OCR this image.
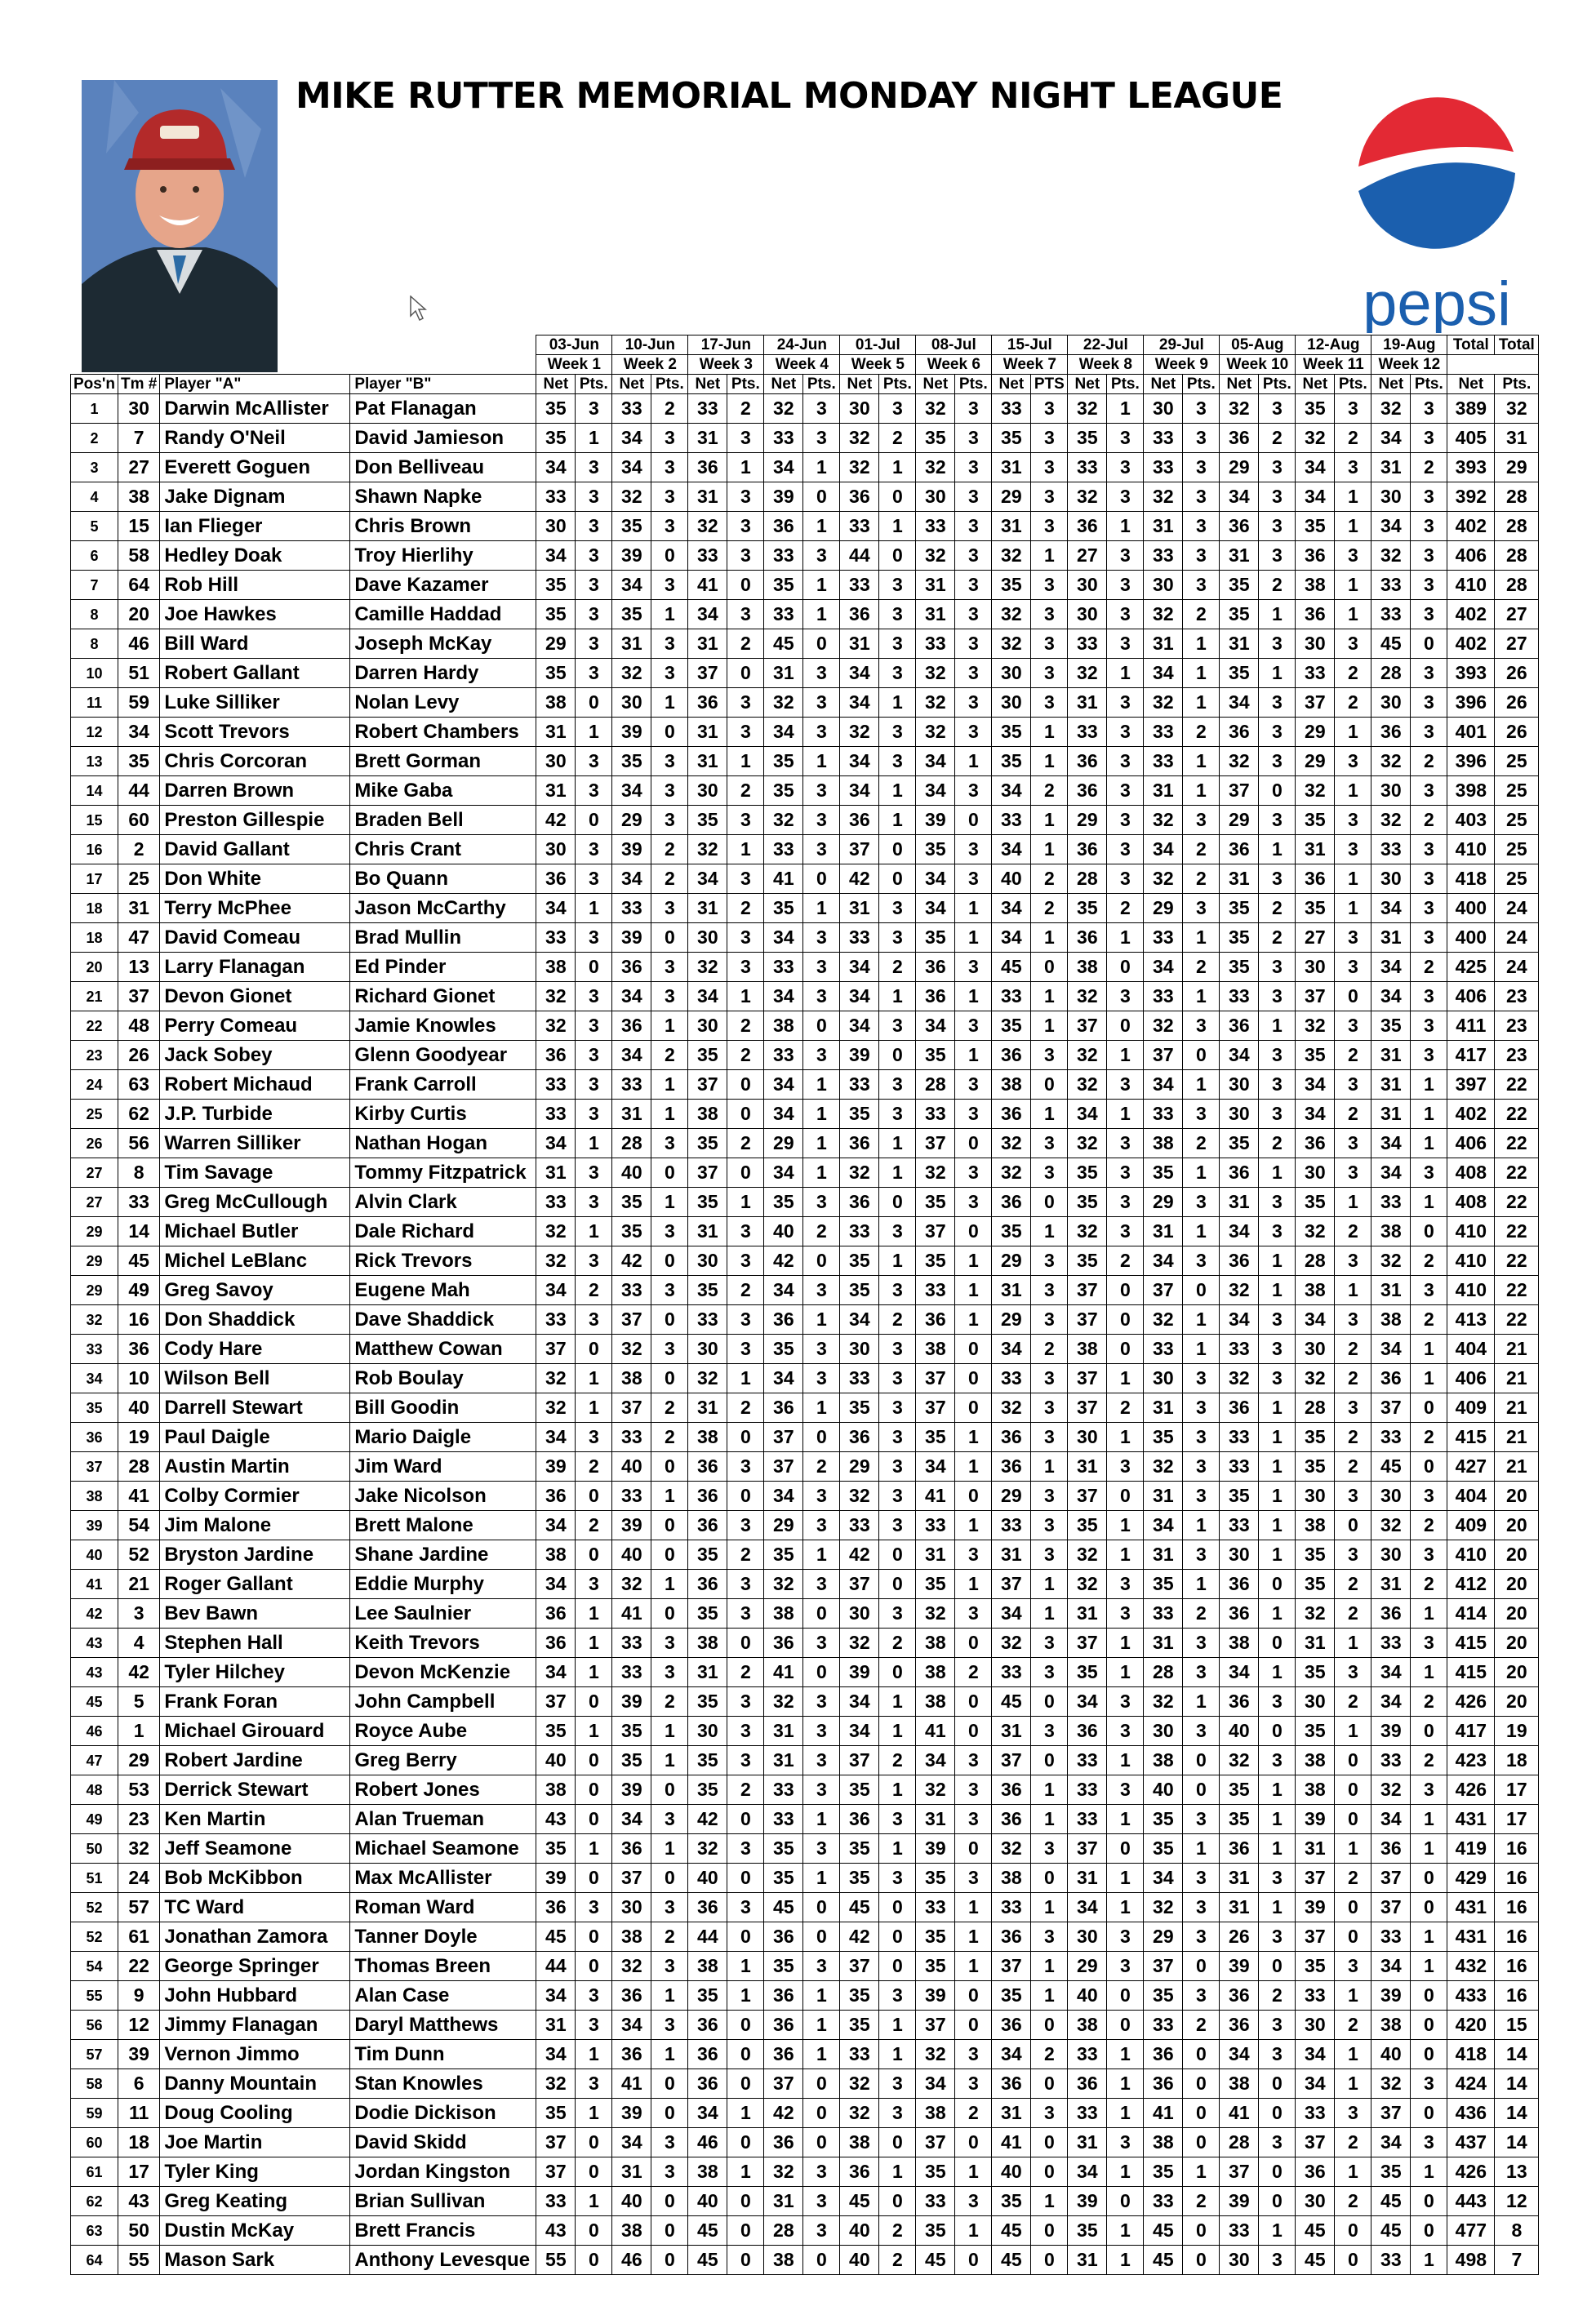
MIKE RUTTER MEMORIAL MONDAY NIGHT LEAGUE
pepsi
				03-Jun		10-Jun		17-Jun		24-Jun		01-Jul		08-Jul		15-Jul		22-Jul		29-Jul		05-Aug		12-Aug		19-Aug		Total	Total
				Week 1		Week 2		Week 3		Week 4		Week 5		Week 6		Week 7		Week 8		Week 9		Week 10		Week 11		Week 12			
Pos'n	Tm #	Player "A"	Player "B"	Net	Pts.	Net	Pts.	Net	Pts.	Net	Pts.	Net	Pts.	Net	Pts.	Net	PTS	Net	Pts.	Net	Pts.	Net	Pts.	Net	Pts.	Net	Pts.	Net	Pts.
1	30	Darwin McAllister	Pat Flanagan	35	3	33	2	33	2	32	3	30	3	32	3	33	3	32	1	30	3	32	3	35	3	32	3	389	32
2	7	Randy O'Neil	David Jamieson	35	1	34	3	31	3	33	3	32	2	35	3	35	3	35	3	33	3	36	2	32	2	34	3	405	31
3	27	Everett Goguen	Don Belliveau	34	3	34	3	36	1	34	1	32	1	32	3	31	3	33	3	33	3	29	3	34	3	31	2	393	29
4	38	Jake Dignam	Shawn Napke	33	3	32	3	31	3	39	0	36	0	30	3	29	3	32	3	32	3	34	3	34	1	30	3	392	28
5	15	Ian Flieger	Chris Brown	30	3	35	3	32	3	36	1	33	1	33	3	31	3	36	1	31	3	36	3	35	1	34	3	402	28
6	58	Hedley Doak	Troy Hierlihy	34	3	39	0	33	3	33	3	44	0	32	3	32	1	27	3	33	3	31	3	36	3	32	3	406	28
7	64	Rob Hill	Dave Kazamer	35	3	34	3	41	0	35	1	33	3	31	3	35	3	30	3	30	3	35	2	38	1	33	3	410	28
8	20	Joe Hawkes	Camille Haddad	35	3	35	1	34	3	33	1	36	3	31	3	32	3	30	3	32	2	35	1	36	1	33	3	402	27
8	46	Bill Ward	Joseph McKay	29	3	31	3	31	2	45	0	31	3	33	3	32	3	33	3	31	1	31	3	30	3	45	0	402	27
10	51	Robert Gallant	Darren Hardy	35	3	32	3	37	0	31	3	34	3	32	3	30	3	32	1	34	1	35	1	33	2	28	3	393	26
11	59	Luke Silliker	Nolan Levy	38	0	30	1	36	3	32	3	34	1	32	3	30	3	31	3	32	1	34	3	37	2	30	3	396	26
12	34	Scott Trevors	Robert Chambers	31	1	39	0	31	3	34	3	32	3	32	3	35	1	33	3	33	2	36	3	29	1	36	3	401	26
13	35	Chris Corcoran	Brett Gorman	30	3	35	3	31	1	35	1	34	3	34	1	35	1	36	3	33	1	32	3	29	3	32	2	396	25
14	44	Darren Brown	Mike Gaba	31	3	34	3	30	2	35	3	34	1	34	3	34	2	36	3	31	1	37	0	32	1	30	3	398	25
15	60	Preston Gillespie	Braden Bell	42	0	29	3	35	3	32	3	36	1	39	0	33	1	29	3	32	3	29	3	35	3	32	2	403	25
16	2	David Gallant	Chris Crant	30	3	39	2	32	1	33	3	37	0	35	3	34	1	36	3	34	2	36	1	31	3	33	3	410	25
17	25	Don White	Bo Quann	36	3	34	2	34	3	41	0	42	0	34	3	40	2	28	3	32	2	31	3	36	1	30	3	418	25
18	31	Terry McPhee	Jason McCarthy	34	1	33	3	31	2	35	1	31	3	34	1	34	2	35	2	29	3	35	2	35	1	34	3	400	24
18	47	David Comeau	Brad Mullin	33	3	39	0	30	3	34	3	33	3	35	1	34	1	36	1	33	1	35	2	27	3	31	3	400	24
20	13	Larry Flanagan	Ed Pinder	38	0	36	3	32	3	33	3	34	2	36	3	45	0	38	0	34	2	35	3	30	3	34	2	425	24
21	37	Devon Gionet	Richard Gionet	32	3	34	3	34	1	34	3	34	1	36	1	33	1	32	3	33	1	33	3	37	0	34	3	406	23
22	48	Perry Comeau	Jamie Knowles	32	3	36	1	30	2	38	0	34	3	34	3	35	1	37	0	32	3	36	1	32	3	35	3	411	23
23	26	Jack Sobey	Glenn Goodyear	36	3	34	2	35	2	33	3	39	0	35	1	36	3	32	1	37	0	34	3	35	2	31	3	417	23
24	63	Robert Michaud	Frank Carroll	33	3	33	1	37	0	34	1	33	3	28	3	38	0	32	3	34	1	30	3	34	3	31	1	397	22
25	62	J.P. Turbide	Kirby Curtis	33	3	31	1	38	0	34	1	35	3	33	3	36	1	34	1	33	3	30	3	34	2	31	1	402	22
26	56	Warren Silliker	Nathan Hogan	34	1	28	3	35	2	29	1	36	1	37	0	32	3	32	3	38	2	35	2	36	3	34	1	406	22
27	8	Tim Savage	Tommy Fitzpatrick	31	3	40	0	37	0	34	1	32	1	32	3	32	3	35	3	35	1	36	1	30	3	34	3	408	22
27	33	Greg McCullough	Alvin Clark	33	3	35	1	35	1	35	3	36	0	35	3	36	0	35	3	29	3	31	3	35	1	33	1	408	22
29	14	Michael Butler	Dale Richard	32	1	35	3	31	3	40	2	33	3	37	0	35	1	32	3	31	1	34	3	32	2	38	0	410	22
29	45	Michel LeBlanc	Rick Trevors	32	3	42	0	30	3	42	0	35	1	35	1	29	3	35	2	34	3	36	1	28	3	32	2	410	22
29	49	Greg Savoy	Eugene Mah	34	2	33	3	35	2	34	3	35	3	33	1	31	3	37	0	37	0	32	1	38	1	31	3	410	22
32	16	Don Shaddick	Dave Shaddick	33	3	37	0	33	3	36	1	34	2	36	1	29	3	37	0	32	1	34	3	34	3	38	2	413	22
33	36	Cody Hare	Matthew Cowan	37	0	32	3	30	3	35	3	30	3	38	0	34	2	38	0	33	1	33	3	30	2	34	1	404	21
34	10	Wilson Bell	Rob Boulay	32	1	38	0	32	1	34	3	33	3	37	0	33	3	37	1	30	3	32	3	32	2	36	1	406	21
35	40	Darrell Stewart	Bill Goodin	32	1	37	2	31	2	36	1	35	3	37	0	32	3	37	2	31	3	36	1	28	3	37	0	409	21
36	19	Paul Daigle	Mario Daigle	34	3	33	2	38	0	37	0	36	3	35	1	36	3	30	1	35	3	33	1	35	2	33	2	415	21
37	28	Austin Martin	Jim Ward	39	2	40	0	36	3	37	2	29	3	34	1	36	1	31	3	32	3	33	1	35	2	45	0	427	21
38	41	Colby Cormier	Jake Nicolson	36	0	33	1	36	0	34	3	32	3	41	0	29	3	37	0	31	3	35	1	30	3	30	3	404	20
39	54	Jim Malone	Brett Malone	34	2	39	0	36	3	29	3	33	3	33	1	33	3	35	1	34	1	33	1	38	0	32	2	409	20
40	52	Bryston Jardine	Shane Jardine	38	0	40	0	35	2	35	1	42	0	31	3	31	3	32	1	31	3	30	1	35	3	30	3	410	20
41	21	Roger Gallant	Eddie Murphy	34	3	32	1	36	3	32	3	37	0	35	1	37	1	32	3	35	1	36	0	35	2	31	2	412	20
42	3	Bev Bawn	Lee Saulnier	36	1	41	0	35	3	38	0	30	3	32	3	34	1	31	3	33	2	36	1	32	2	36	1	414	20
43	4	Stephen Hall	Keith Trevors	36	1	33	3	38	0	36	3	32	2	38	0	32	3	37	1	31	3	38	0	31	1	33	3	415	20
43	42	Tyler Hilchey	Devon McKenzie	34	1	33	3	31	2	41	0	39	0	38	2	33	3	35	1	28	3	34	1	35	3	34	1	415	20
45	5	Frank Foran	John Campbell	37	0	39	2	35	3	32	3	34	1	38	0	45	0	34	3	32	1	36	3	30	2	34	2	426	20
46	1	Michael Girouard	Royce Aube	35	1	35	1	30	3	31	3	34	1	41	0	31	3	36	3	30	3	40	0	35	1	39	0	417	19
47	29	Robert Jardine	Greg Berry	40	0	35	1	35	3	31	3	37	2	34	3	37	0	33	1	38	0	32	3	38	0	33	2	423	18
48	53	Derrick Stewart	Robert Jones	38	0	39	0	35	2	33	3	35	1	32	3	36	1	33	3	40	0	35	1	38	0	32	3	426	17
49	23	Ken Martin	Alan Trueman	43	0	34	3	42	0	33	1	36	3	31	3	36	1	33	1	35	3	35	1	39	0	34	1	431	17
50	32	Jeff Seamone	Michael Seamone	35	1	36	1	32	3	35	3	35	1	39	0	32	3	37	0	35	1	36	1	31	1	36	1	419	16
51	24	Bob McKibbon	Max McAllister	39	0	37	0	40	0	35	1	35	3	35	3	38	0	31	1	34	3	31	3	37	2	37	0	429	16
52	57	TC Ward	Roman Ward	36	3	30	3	36	3	45	0	45	0	33	1	33	1	34	1	32	3	31	1	39	0	37	0	431	16
52	61	Jonathan Zamora	Tanner Doyle	45	0	38	2	44	0	36	0	42	0	35	1	36	3	30	3	29	3	26	3	37	0	33	1	431	16
54	22	George Springer	Thomas Breen	44	0	32	3	38	1	35	3	37	0	35	1	37	1	29	3	37	0	39	0	35	3	34	1	432	16
55	9	John Hubbard	Alan Case	34	3	36	1	35	1	36	1	35	3	39	0	35	1	40	0	35	3	36	2	33	1	39	0	433	16
56	12	Jimmy Flanagan	Daryl Matthews	31	3	34	3	36	0	36	1	35	1	37	0	36	0	38	0	33	2	36	3	30	2	38	0	420	15
57	39	Vernon Jimmo	Tim Dunn	34	1	36	1	36	0	36	1	33	1	32	3	34	2	33	1	36	0	34	3	34	1	40	0	418	14
58	6	Danny Mountain	Stan Knowles	32	3	41	0	36	0	37	0	32	3	34	3	36	0	36	1	36	0	38	0	34	1	32	3	424	14
59	11	Doug Cooling	Dodie Dickison	35	1	39	0	34	1	42	0	32	3	38	2	31	3	33	1	41	0	41	0	33	3	37	0	436	14
60	18	Joe Martin	David Skidd	37	0	34	3	46	0	36	0	38	0	37	0	41	0	31	3	38	0	28	3	37	2	34	3	437	14
61	17	Tyler King	Jordan Kingston	37	0	31	3	38	1	32	3	36	1	35	1	40	0	34	1	35	1	37	0	36	1	35	1	426	13
62	43	Greg Keating	Brian Sullivan	33	1	40	0	40	0	31	3	45	0	33	3	35	1	39	0	33	2	39	0	30	2	45	0	443	12
63	50	Dustin McKay	Brett Francis	43	0	38	0	45	0	28	3	40	2	35	1	45	0	35	1	45	0	33	1	45	0	45	0	477	8
64	55	Mason Sark	Anthony Levesque	55	0	46	0	45	0	38	0	40	2	45	0	45	0	31	1	45	0	30	3	45	0	33	1	498	7
